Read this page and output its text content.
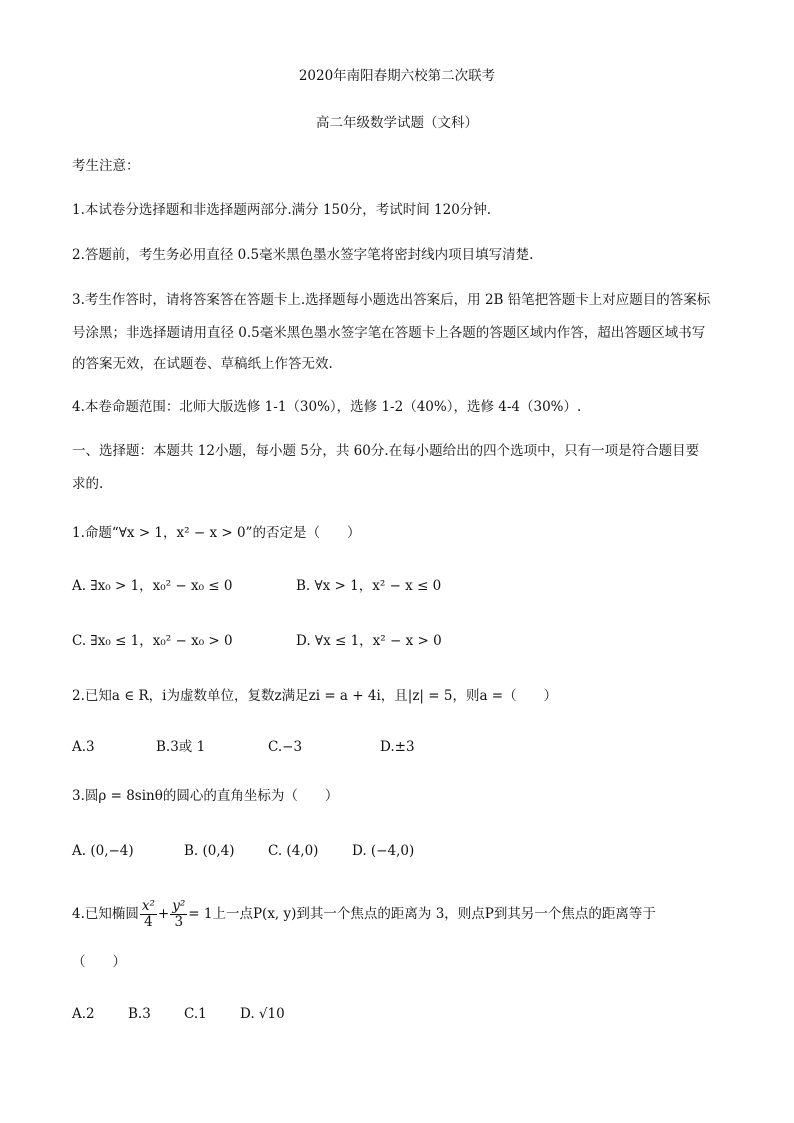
2020年南阳春期六校第二次联考
高二年级数学试题（文科）
考生注意：
1.本试卷分选择题和非选择题两部分.满分 150分，考试时间 120分钟.
2.答题前，考生务必用直径 0.5毫米黑色墨水签字笔将密封线内项目填写清楚.
3.考生作答时，请将答案答在答题卡上.选择题每小题选出答案后，用 2B 铅笔把答题卡上对应题目的答案标
号涂黑；非选择题请用直径 0.5毫米黑色墨水签字笔在答题卡上各题的答题区域内作答，超出答题区域书写
的答案无效，在试题卷、草稿纸上作答无效.
4.本卷命题范围：北师大版选修 1-1（30%），选修 1-2（40%），选修 4-4（30%）.
一、选择题：本题共 12小题，每小题 5分，共 60分.在每小题给出的四个选项中，只有一项是符合题目要
求的.
1.命题“∀x > 1，x² − x > 0”的否定是（　　）
A. ∃x₀ > 1，x₀² − x₀ ≤ 0	B. ∀x > 1，x² − x ≤ 0
C. ∃x₀ ≤ 1，x₀² − x₀ > 0	D. ∀x ≤ 1，x² − x > 0
2.已知a ∈ R，i为虚数单位，复数z满足zi = a + 4i，且|z| = 5，则a =（　　）
A.3	B.3或 1	C.−3	D.±3
3.圆ρ = 8sinθ的圆心的直角坐标为（　　）
A. (0,−4)	B. (0,4) C. (4,0) D. (−4,0)
4.已知椭圆 $\frac{\text{x²}}{4} + \frac{\text{y²}}{3} = 1$上一点P(x, y)到其一个焦点的距离为 3，则点P到其另一个焦点的距离等于
（　　）
A.2 B.3 C.1 D. √10
